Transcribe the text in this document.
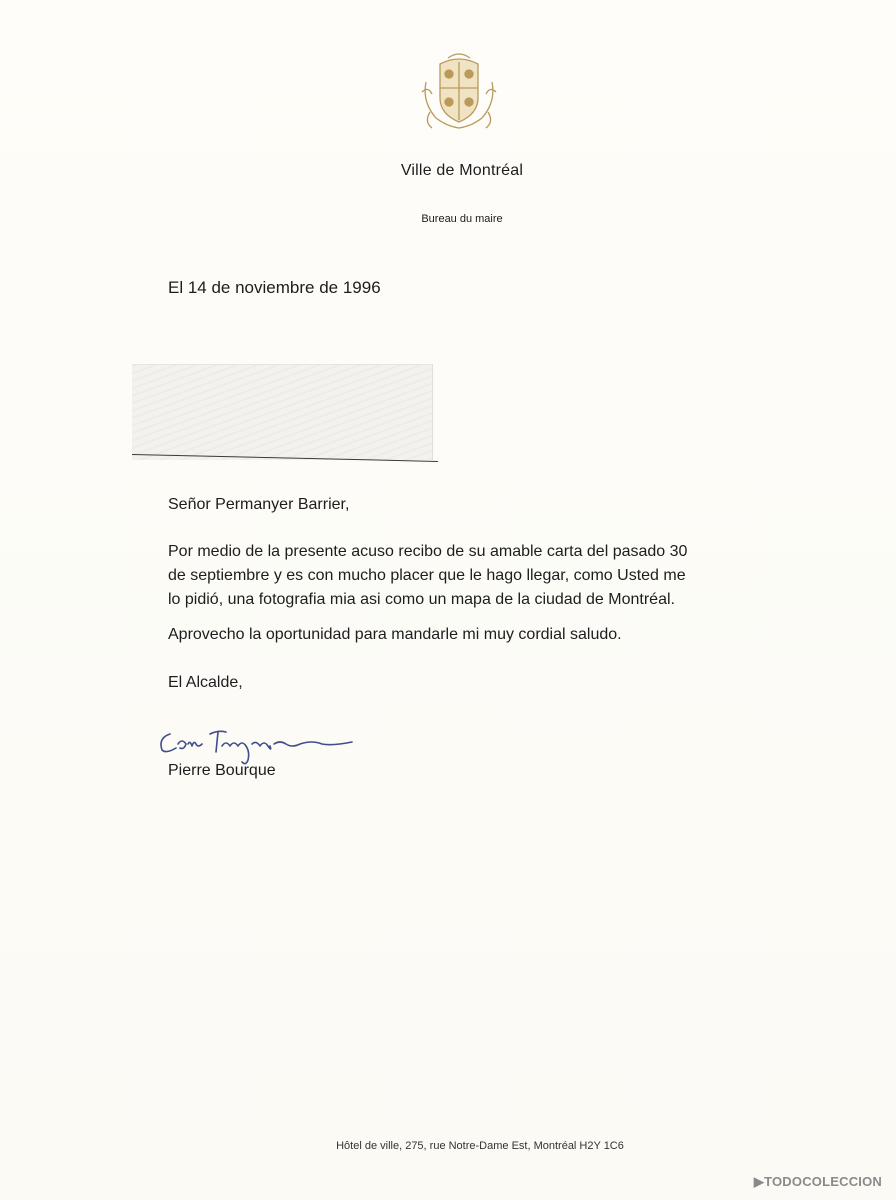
Ville de Montréal
Bureau du maire
El 14 de noviembre de 1996
Señor Permanyer Barrier,
Por medio de la presente acuso recibo de su amable carta del pasado 30
de septiembre y es con mucho placer que le hago llegar, como Usted me
lo pidió, una fotografia mia asi como un mapa de la ciudad de Montréal.
Aprovecho la oportunidad para mandarle mi muy cordial saludo.
El Alcalde,
Pierre Bourque
Hôtel de ville, 275, rue Notre-Dame Est, Montréal H2Y 1C6
▶TODOCOLECCION
